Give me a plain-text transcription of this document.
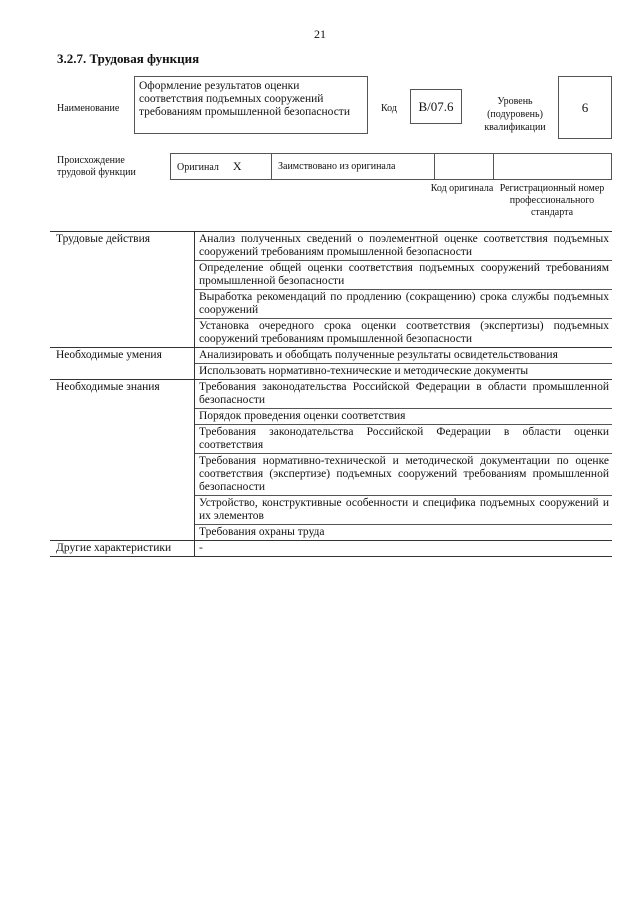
21
3.2.7. Трудовая функция
Наименование
Оформление результатов оценки соответствия подъемных сооружений требованиям промышленной безопасности	Код	B/07.6	Уровень (подуровень) квалификации
6
Происхождение трудовой функции	Оригинал X	Заимствовано из оригинала		
Код оригинала Регистрационный номер профессионального стандарта
Трудовые действия	Анализ полученных сведений о поэлементной оценке соответствия подъемных сооружений требованиям промышленной безопасности
	Определение общей оценки соответствия подъемных сооружений требованиям промышленной безопасности
	Выработка рекомендаций по продлению (сокращению) срока службы подъемных сооружений
	Установка очередного срока оценки соответствия (экспертизы) подъемных сооружений требованиям промышленной безопасности
Необходимые умения	Анализировать и обобщать полученные результаты освидетельствования
	Использовать нормативно-технические и методические документы
Необходимые знания	Требования законодательства Российской Федерации в области промышленной безопасности
	Порядок проведения оценки соответствия
	Требования законодательства Российской Федерации в области оценки соответствия
	Требования нормативно-технической и методической документации по оценке соответствия (экспертизе) подъемных сооружений требованиям промышленной безопасности
	Устройство, конструктивные особенности и специфика подъемных сооружений и их элементов
	Требования охраны труда
Другие характеристики	-
